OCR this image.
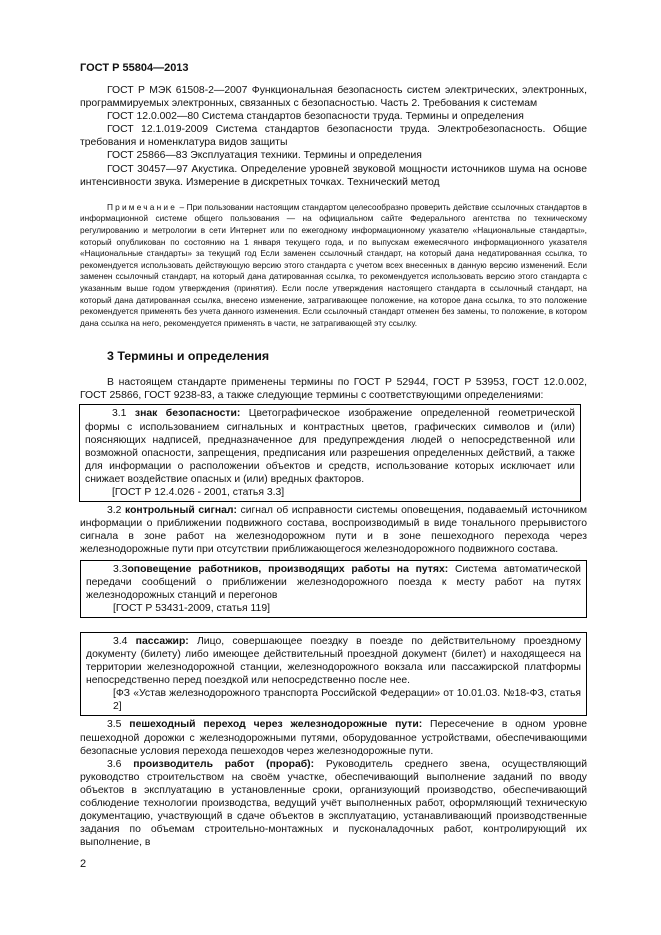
ГОСТ Р 55804—2013

ГОСТ Р МЭК 61508-2—2007 Функциональная безопасность систем электрических, электронных, программируемых электронных, связанных с безопасностью. Часть 2. Требования к системам

ГОСТ 12.0.002—80 Система стандартов безопасности труда. Термины и определения

ГОСТ 12.1.019-2009 Система стандартов безопасности труда. Электробезопасность. Общие требования и номенклатура видов защиты

ГОСТ 25866—83 Эксплуатация техники. Термины и определения

ГОСТ 30457—97 Акустика. Определение уровней звуковой мощности источников шума на основе интенсивности звука. Измерение в дискретных точках. Технический метод

Примечание – При пользовании настоящим стандартом целесообразно проверить действие ссылочных стандартов в информационной системе общего пользования — на официальном сайте Федерального агентства по техническому регулированию и метрологии в сети Интернет или по ежегодному информационному указателю «Национальные стандарты», который опубликован по состоянию на 1 января текущего года, и по выпускам ежемесячного информационного указателя «Национальные стандарты» за текущий год Если заменен ссылочный стандарт, на который дана недатированная ссылка, то рекомендуется использовать действующую версию этого стандарта с учетом всех внесенных в данную версию изменений. Если заменен ссылочный стандарт, на который дана датированная ссылка, то рекомендуется использовать версию этого стандарта с указанным выше годом утверждения (принятия). Если после утверждения настоящего стандарта в ссылочный стандарт, на который дана датированная ссылка, внесено изменение, затрагивающее положение, на которое дана ссылка, то это положение рекомендуется применять без учета данного изменения. Если ссылочный стандарт отменен без замены, то положение, в котором дана ссылка на него, рекомендуется применять в части, не затрагивающей эту ссылку.

3 Термины и определения

В настоящем стандарте применены термины по ГОСТ Р 52944, ГОСТ Р 53953, ГОСТ 12.0.002, ГОСТ 25866, ГОСТ 9238-83, а также следующие термины с соответствующими определениями:

3.1 знак безопасности: Цветографическое изображение определенной геометрической формы с использованием сигнальных и контрастных цветов, графических символов и (или) поясняющих надписей, предназначенное для предупреждения людей о непосредственной или возможной опасности, запрещения, предписания или разрешения определенных действий, а также для информации о расположении объектов и средств, использование которых исключает или снижает воздействие опасных и (или) вредных факторов.

[ГОСТ Р 12.4.026 - 2001, статья 3.3]

3.2 контрольный сигнал: сигнал об исправности системы оповещения, подаваемый источником информации о приближении подвижного состава, воспроизводимый в виде тонального прерывистого сигнала в зоне работ на железнодорожном пути и в зоне пешеходного перехода через железнодорожные пути при отсутствии приближающегося железнодорожного подвижного состава.

3.3оповещение работников, производящих работы на путях: Система автоматической передачи сообщений о приближении железнодорожного поезда к месту работ на путях железнодорожных станций и перегонов

[ГОСТ Р 53431-2009, статья 119]

3.4 пассажир: Лицо, совершающее поездку в поезде по действительному проездному документу (билету) либо имеющее действительный проездной документ (билет) и находящееся на территории железнодорожной станции, железнодорожного вокзала или пассажирской платформы непосредственно перед поездкой или непосредственно после нее.

[ФЗ «Устав железнодорожного транспорта Российской Федерации» от 10.01.03. №18-ФЗ, статья 2]

3.5 пешеходный переход через железнодорожные пути: Пересечение в одном уровне пешеходной дорожки с железнодорожными путями, оборудованное устройствами, обеспечивающими безопасные условия перехода пешеходов через железнодорожные пути.

3.6 производитель работ (прораб): Руководитель среднего звена, осуществляющий руководство строительством на своём участке, обеспечивающий выполнение заданий по вводу объектов в эксплуатацию в установленные сроки, организующий производство, обеспечивающий соблюдение технологии производства, ведущий учёт выполненных работ, оформляющий техническую документацию, участвующий в сдаче объектов в эксплуатацию, устанавливающий производственные задания по объемам строительно-монтажных и пусконаладочных работ, контролирующий их выполнение, в

2
